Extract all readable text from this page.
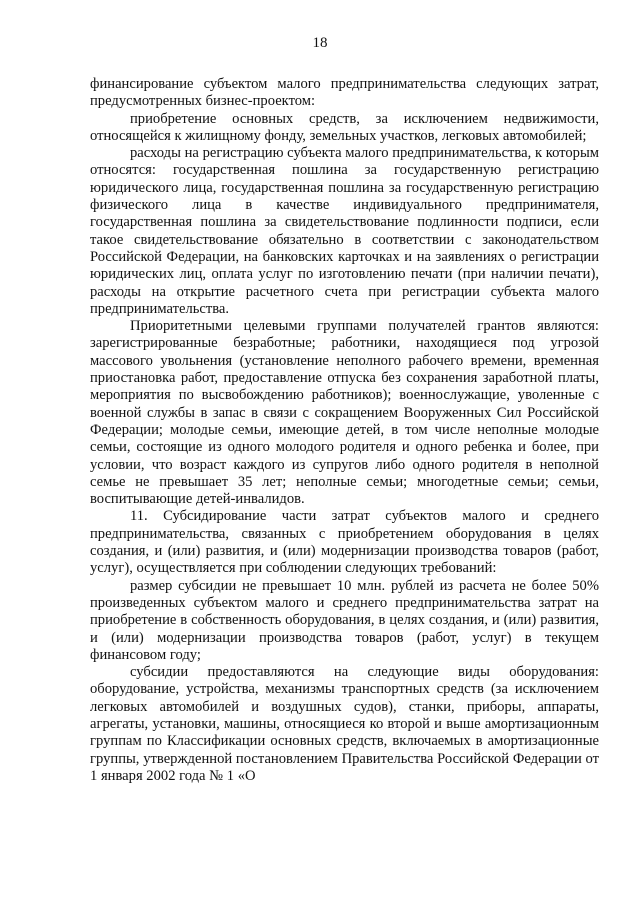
18

финансирование субъектом малого предпринимательства следующих затрат, предусмотренных бизнес-проектом:

приобретение основных средств, за исключением недвижимости, относящейся к жилищному фонду, земельных участков, легковых автомобилей;

расходы на регистрацию субъекта малого предпринимательства, к которым относятся: государственная пошлина за государственную регистрацию юридического лица, государственная пошлина за государственную регистрацию физического лица в качестве индивидуального предпринимателя, государственная пошлина за свидетельствование подлинности подписи, если такое свидетельствование обязательно в соответствии с законодательством Российской Федерации, на банковских карточках и на заявлениях о регистрации юридических лиц, оплата услуг по изготовлению печати (при наличии печати), расходы на открытие расчетного счета при регистрации субъекта малого предпринимательства.

Приоритетными целевыми группами получателей грантов являются: зарегистрированные безработные; работники, находящиеся под угрозой массового увольнения (установление неполного рабочего времени, временная приостановка работ, предоставление отпуска без сохранения заработной платы, мероприятия по высвобождению работников); военнослужащие, уволенные с военной службы в запас в связи с сокращением Вооруженных Сил Российской Федерации; молодые семьи, имеющие детей, в том числе неполные молодые семьи, состоящие из одного молодого родителя и одного ребенка и более, при условии, что возраст каждого из супругов либо одного родителя в неполной семье не превышает 35 лет; неполные семьи; многодетные семьи; семьи, воспитывающие детей-инвалидов.

11. Субсидирование части затрат субъектов малого и среднего предпринимательства, связанных с приобретением оборудования в целях создания, и (или) развития, и (или) модернизации производства товаров (работ, услуг), осуществляется при соблюдении следующих требований:

размер субсидии не превышает 10 млн. рублей из расчета не более 50% произведенных субъектом малого и среднего предпринимательства затрат на приобретение в собственность оборудования, в целях создания, и (или) развития, и (или) модернизации производства товаров (работ, услуг) в текущем финансовом году;

субсидии предоставляются на следующие виды оборудования: оборудование, устройства, механизмы транспортных средств (за исключением легковых автомобилей и воздушных судов), станки, приборы, аппараты, агрегаты, установки, машины, относящиеся ко второй и выше амортизационным группам по Классификации основных средств, включаемых в амортизационные группы, утвержденной постановлением Правительства Российской Федерации от 1 января 2002 года № 1 «О
